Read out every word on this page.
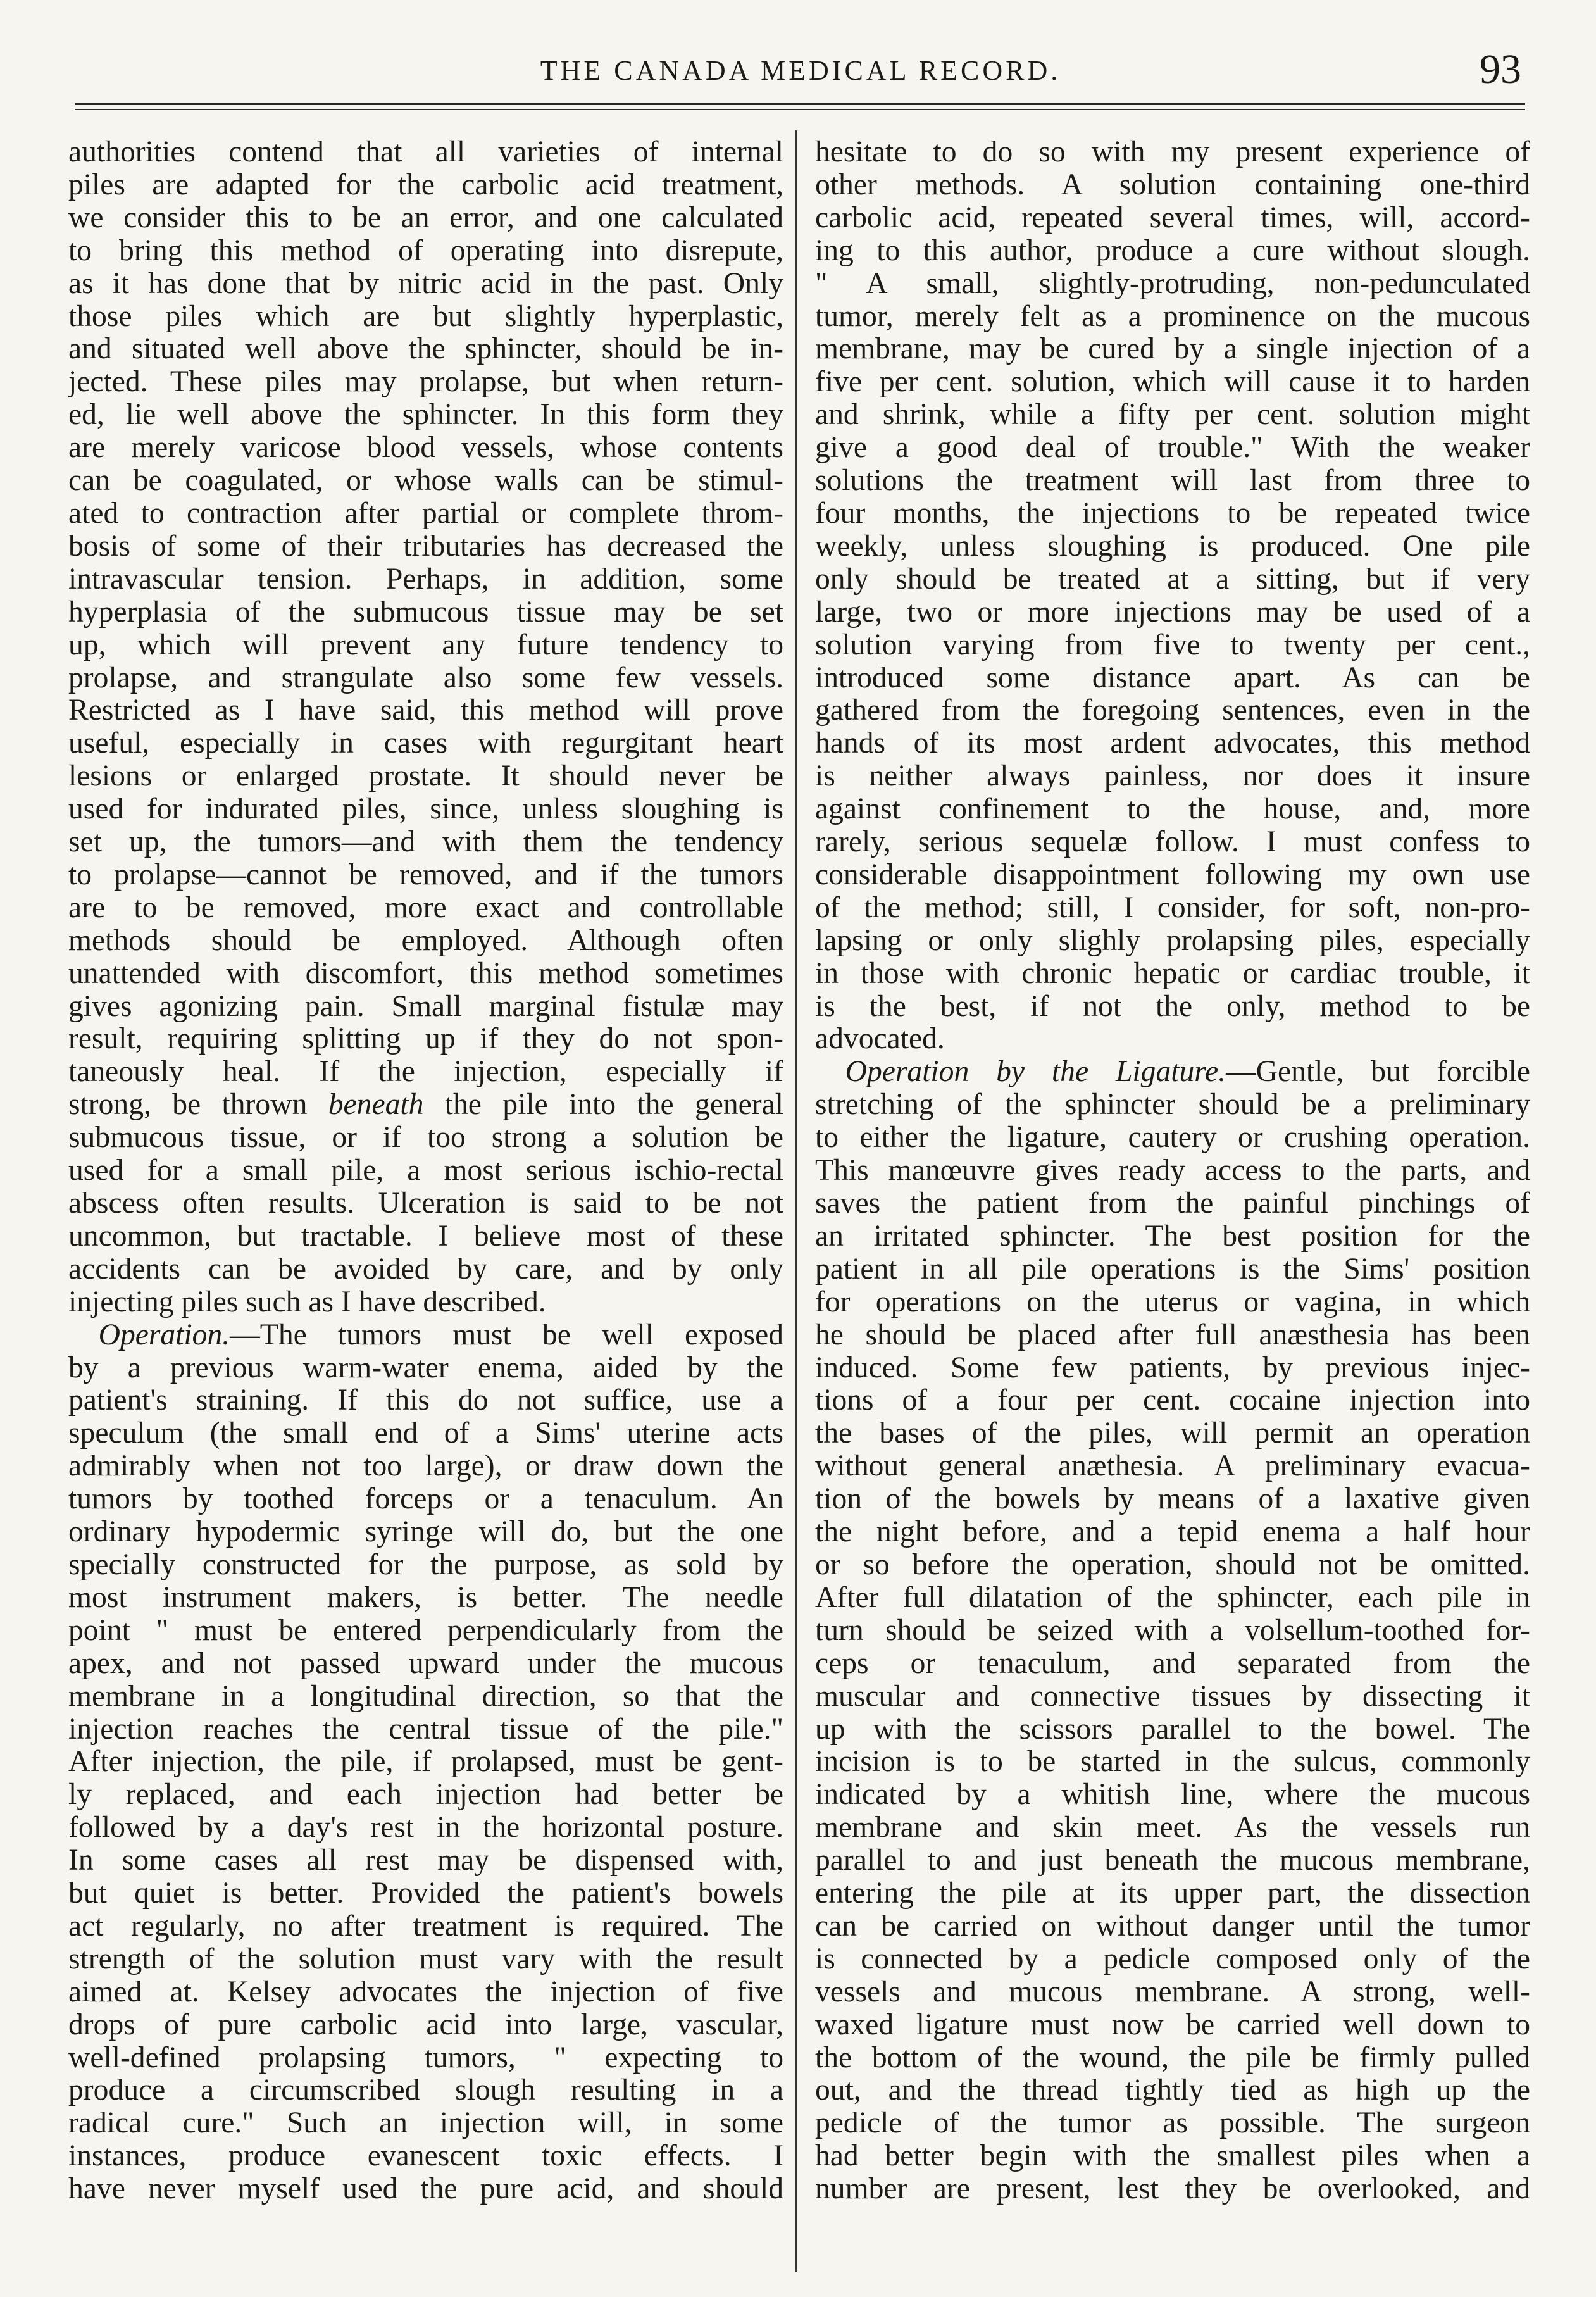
THE CANADA MEDICAL RECORD.	93

authorities contend that all varieties of internal
piles are adapted for the carbolic acid treatment,
we consider this to be an error, and one calculated
to bring this method of operating into disrepute,
as it has done that by nitric acid in the past. Only
those piles which are but slightly hyperplastic,
and situated well above the sphincter, should be in-
jected. These piles may prolapse, but when return-
ed, lie well above the sphincter. In this form they
are merely varicose blood vessels, whose contents
can be coagulated, or whose walls can be stimul-
ated to contraction after partial or complete throm-
bosis of some of their tributaries has decreased the
intravascular tension. Perhaps, in addition, some
hyperplasia of the submucous tissue may be set
up, which will prevent any future tendency to
prolapse, and strangulate also some few vessels.
Restricted as I have said, this method will prove
useful, especially in cases with regurgitant heart
lesions or enlarged prostate. It should never be
used for indurated piles, since, unless sloughing is
set up, the tumors—and with them the tendency
to prolapse—cannot be removed, and if the tumors
are to be removed, more exact and controllable
methods should be employed. Although often
unattended with discomfort, this method sometimes
gives agonizing pain. Small marginal fistulæ may
result, requiring splitting up if they do not spon-
taneously heal. If the injection, especially if
strong, be thrown beneath the pile into the general
submucous tissue, or if too strong a solution be
used for a small pile, a most serious ischio-rectal
abscess often results. Ulceration is said to be not
uncommon, but tractable. I believe most of these
accidents can be avoided by care, and by only
injecting piles such as I have described.

 Operation.—The tumors must be well exposed
by a previous warm-water enema, aided by the
patient's straining. If this do not suffice, use a
speculum (the small end of a Sims' uterine acts
admirably when not too large), or draw down the
tumors by toothed forceps or a tenaculum. An
ordinary hypodermic syringe will do, but the one
specially constructed for the purpose, as sold by
most instrument makers, is better. The needle
point " must be entered perpendicularly from the
apex, and not passed upward under the mucous
membrane in a longitudinal direction, so that the
injection reaches the central tissue of the pile."
After injection, the pile, if prolapsed, must be gent-
ly replaced, and each injection had better be
followed by a day's rest in the horizontal posture.
In some cases all rest may be dispensed with,
but quiet is better. Provided the patient's bowels
act regularly, no after treatment is required. The
strength of the solution must vary with the result
aimed at. Kelsey advocates the injection of five
drops of pure carbolic acid into large, vascular,
well-defined prolapsing tumors, " expecting to
produce a circumscribed slough resulting in a
radical cure." Such an injection will, in some
instances, produce evanescent toxic effects. I
have never myself used the pure acid, and should

hesitate to do so with my present experience of
other methods. A solution containing one-third
carbolic acid, repeated several times, will, accord-
ing to this author, produce a cure without slough.
" A small, slightly-protruding, non-pedunculated
tumor, merely felt as a prominence on the mucous
membrane, may be cured by a single injection of a
five per cent. solution, which will cause it to harden
and shrink, while a fifty per cent. solution might
give a good deal of trouble." With the weaker
solutions the treatment will last from three to
four months, the injections to be repeated twice
weekly, unless sloughing is produced. One pile
only should be treated at a sitting, but if very
large, two or more injections may be used of a
solution varying from five to twenty per cent.,
introduced some distance apart. As can be
gathered from the foregoing sentences, even in the
hands of its most ardent advocates, this method
is neither always painless, nor does it insure
against confinement to the house, and, more
rarely, serious sequelæ follow. I must confess to
considerable disappointment following my own use
of the method; still, I consider, for soft, non-pro-
lapsing or only slighly prolapsing piles, especially
in those with chronic hepatic or cardiac trouble, it
is the best, if not the only, method to be
advocated.

 Operation by the Ligature.—Gentle, but forcible
stretching of the sphincter should be a preliminary
to either the ligature, cautery or crushing operation.
This manœuvre gives ready access to the parts, and
saves the patient from the painful pinchings of
an irritated sphincter. The best position for the
patient in all pile operations is the Sims' position
for operations on the uterus or vagina, in which
he should be placed after full anæsthesia has been
induced. Some few patients, by previous injec-
tions of a four per cent. cocaine injection into
the bases of the piles, will permit an operation
without general anæthesia. A preliminary evacua-
tion of the bowels by means of a laxative given
the night before, and a tepid enema a half hour
or so before the operation, should not be omitted.
After full dilatation of the sphincter, each pile in
turn should be seized with a volsellum-toothed for-
ceps or tenaculum, and separated from the
muscular and connective tissues by dissecting it
up with the scissors parallel to the bowel. The
incision is to be started in the sulcus, commonly
indicated by a whitish line, where the mucous
membrane and skin meet. As the vessels run
parallel to and just beneath the mucous membrane,
entering the pile at its upper part, the dissection
can be carried on without danger until the tumor
is connected by a pedicle composed only of the
vessels and mucous membrane. A strong, well-
waxed ligature must now be carried well down to
the bottom of the wound, the pile be firmly pulled
out, and the thread tightly tied as high up the
pedicle of the tumor as possible. The surgeon
had better begin with the smallest piles when a
number are present, lest they be overlooked, and
